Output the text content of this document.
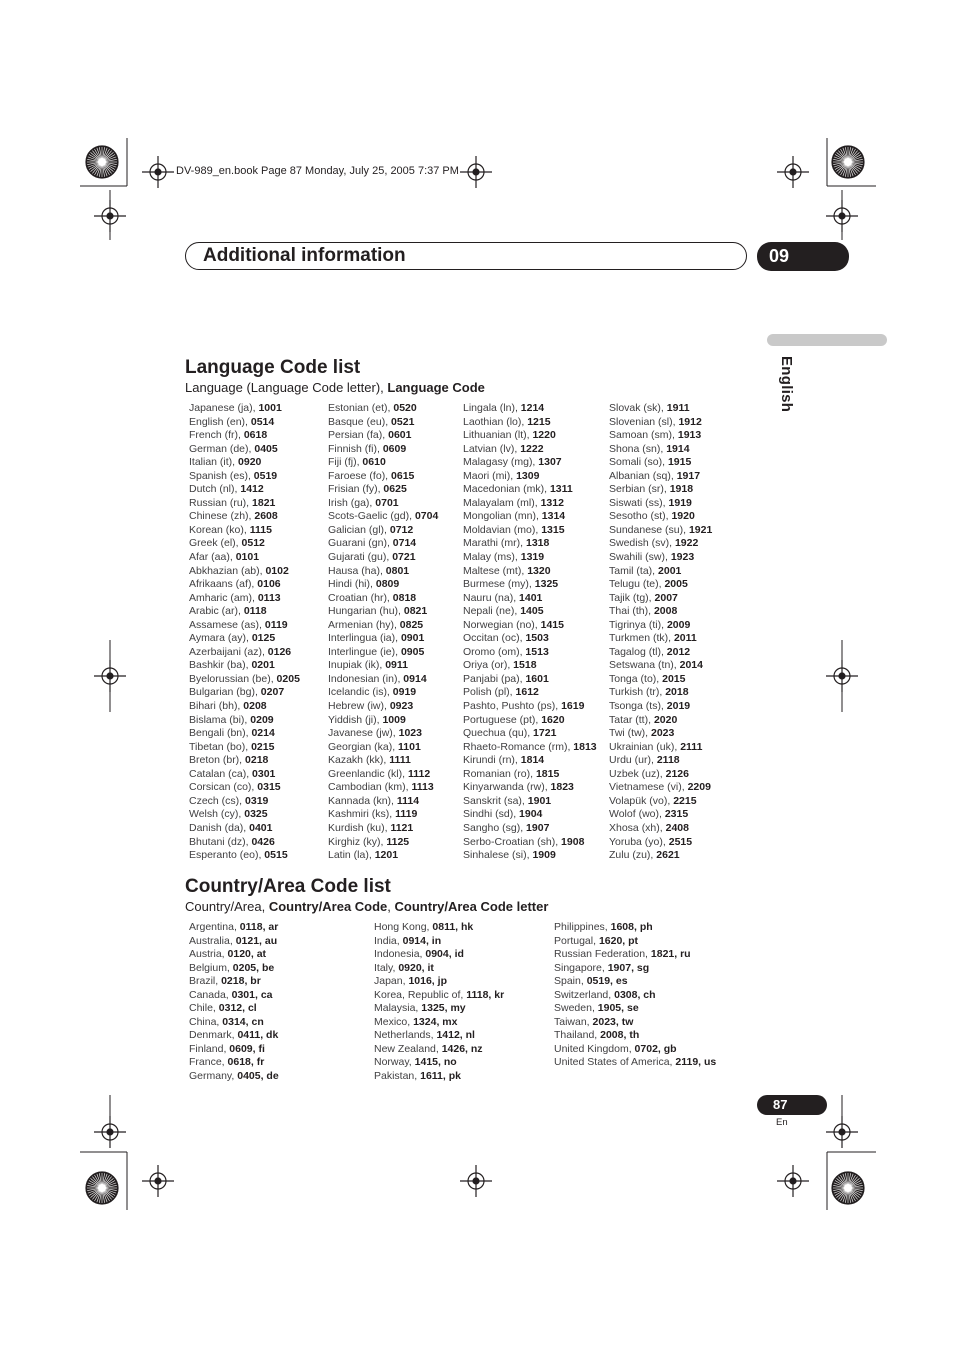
DV-989_en.book Page 87 Monday, July 25, 2005 7:37 PM
Additional information	09
English
Language Code list
Language (Language Code letter), Language Code
Japanese (ja), 1001
English (en), 0514
French (fr), 0618
German (de), 0405
Italian (it), 0920
Spanish (es), 0519
Dutch (nl), 1412
Russian (ru), 1821
Chinese (zh), 2608
Korean (ko), 1115
Greek (el), 0512
Afar (aa), 0101
Abkhazian (ab), 0102
Afrikaans (af), 0106
Amharic (am), 0113
Arabic (ar), 0118
Assamese (as), 0119
Aymara (ay), 0125
Azerbaijani (az), 0126
Bashkir (ba), 0201
Byelorussian (be), 0205
Bulgarian (bg), 0207
Bihari (bh), 0208
Bislama (bi), 0209
Bengali (bn), 0214
Tibetan (bo), 0215
Breton (br), 0218
Catalan (ca), 0301
Corsican (co), 0315
Czech (cs), 0319
Welsh (cy), 0325
Danish (da), 0401
Bhutani (dz), 0426
Esperanto (eo), 0515
Estonian (et), 0520
Basque (eu), 0521
Persian (fa), 0601
Finnish (fi), 0609
Fiji (fj), 0610
Faroese (fo), 0615
Frisian (fy), 0625
Irish (ga), 0701
Scots-Gaelic (gd), 0704
Galician (gl), 0712
Guarani (gn), 0714
Gujarati (gu), 0721
Hausa (ha), 0801
Hindi (hi), 0809
Croatian (hr), 0818
Hungarian (hu), 0821
Armenian (hy), 0825
Interlingua (ia), 0901
Interlingue (ie), 0905
Inupiak (ik), 0911
Indonesian (in), 0914
Icelandic (is), 0919
Hebrew (iw), 0923
Yiddish (ji), 1009
Javanese (jw), 1023
Georgian (ka), 1101
Kazakh (kk), 1111
Greenlandic (kl), 1112
Cambodian (km), 1113
Kannada (kn), 1114
Kashmiri (ks), 1119
Kurdish (ku), 1121
Kirghiz (ky), 1125
Latin (la), 1201
Lingala (ln), 1214
Laothian (lo), 1215
Lithuanian (lt), 1220
Latvian (lv), 1222
Malagasy (mg), 1307
Maori (mi), 1309
Macedonian (mk), 1311
Malayalam (ml), 1312
Mongolian (mn), 1314
Moldavian (mo), 1315
Marathi (mr), 1318
Malay (ms), 1319
Maltese (mt), 1320
Burmese (my), 1325
Nauru (na), 1401
Nepali (ne), 1405
Norwegian (no), 1415
Occitan (oc), 1503
Oromo (om), 1513
Oriya (or), 1518
Panjabi (pa), 1601
Polish (pl), 1612
Pashto, Pushto (ps), 1619
Portuguese (pt), 1620
Quechua (qu), 1721
Rhaeto-Romance (rm), 1813
Kirundi (rn), 1814
Romanian (ro), 1815
Kinyarwanda (rw), 1823
Sanskrit (sa), 1901
Sindhi (sd), 1904
Sangho (sg), 1907
Serbo-Croatian (sh), 1908
Sinhalese (si), 1909
Slovak (sk), 1911
Slovenian (sl), 1912
Samoan (sm), 1913
Shona (sn), 1914
Somali (so), 1915
Albanian (sq), 1917
Serbian (sr), 1918
Siswati (ss), 1919
Sesotho (st), 1920
Sundanese (su), 1921
Swedish (sv), 1922
Swahili (sw), 1923
Tamil (ta), 2001
Telugu (te), 2005
Tajik (tg), 2007
Thai (th), 2008
Tigrinya (ti), 2009
Turkmen (tk), 2011
Tagalog (tl), 2012
Setswana (tn), 2014
Tonga (to), 2015
Turkish (tr), 2018
Tsonga (ts), 2019
Tatar (tt), 2020
Twi (tw), 2023
Ukrainian (uk), 2111
Urdu (ur), 2118
Uzbek (uz), 2126
Vietnamese (vi), 2209
Volapük (vo), 2215
Wolof (wo), 2315
Xhosa (xh), 2408
Yoruba (yo), 2515
Zulu (zu), 2621
Country/Area Code list
Country/Area, Country/Area Code, Country/Area Code letter
Argentina, 0118, ar
Australia, 0121, au
Austria, 0120, at
Belgium, 0205, be
Brazil, 0218, br
Canada, 0301, ca
Chile, 0312, cl
China, 0314, cn
Denmark, 0411, dk
Finland, 0609, fi
France, 0618, fr
Germany, 0405, de
Hong Kong, 0811, hk
India, 0914, in
Indonesia, 0904, id
Italy, 0920, it
Japan, 1016, jp
Korea, Republic of, 1118, kr
Malaysia, 1325, my
Mexico, 1324, mx
Netherlands, 1412, nl
New Zealand, 1426, nz
Norway, 1415, no
Pakistan, 1611, pk
Philippines, 1608, ph
Portugal, 1620, pt
Russian Federation, 1821, ru
Singapore, 1907, sg
Spain, 0519, es
Switzerland, 0308, ch
Sweden, 1905, se
Taiwan, 2023, tw
Thailand, 2008, th
United Kingdom, 0702, gb
United States of America, 2119, us
87
En
